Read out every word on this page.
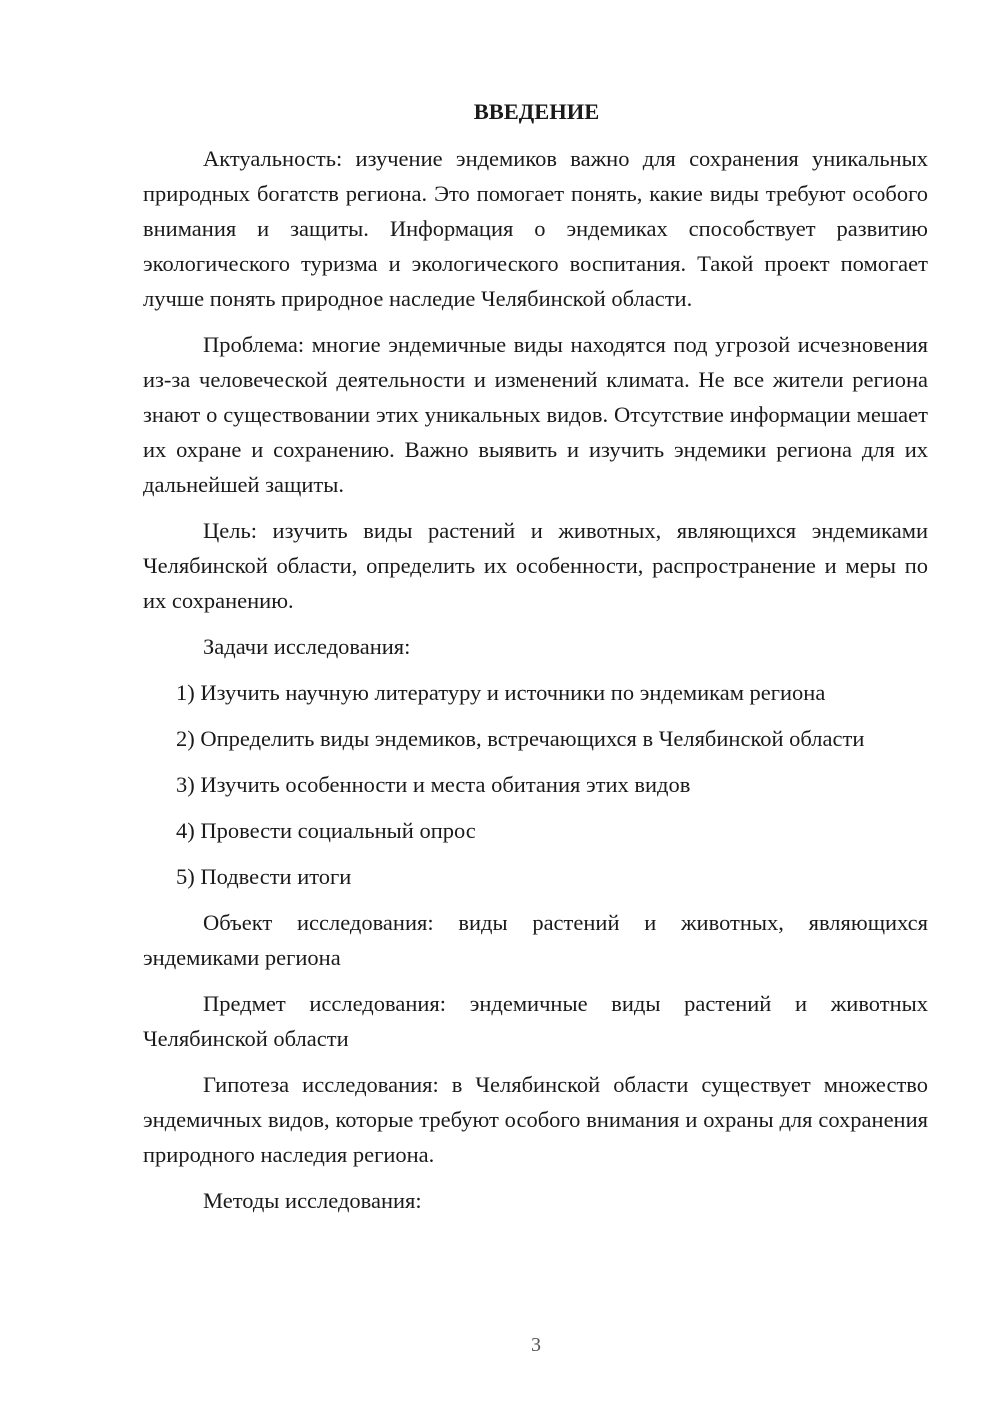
ВВЕДЕНИЕ

Актуальность: изучение эндемиков важно для сохранения уникальных природных богатств региона. Это помогает понять, какие виды требуют особого внимания и защиты. Информация о эндемиках способствует развитию экологического туризма и экологического воспитания. Такой проект помогает лучше понять природное наследие Челябинской области.

Проблема: многие эндемичные виды находятся под угрозой исчезновения из-за человеческой деятельности и изменений климата. Не все жители региона знают о существовании этих уникальных видов. Отсутствие информации мешает их охране и сохранению. Важно выявить и изучить эндемики региона для их дальнейшей защиты.

Цель: изучить виды растений и животных, являющихся эндемиками Челябинской области, определить их особенности, распространение и меры по их сохранению.

Задачи исследования:

1) Изучить научную литературу и источники по эндемикам региона

2) Определить виды эндемиков, встречающихся в Челябинской области

3) Изучить особенности и места обитания этих видов

4) Провести социальный опрос

5) Подвести итоги

Объект исследования: виды растений и животных, являющихся эндемиками региона

Предмет исследования: эндемичные виды растений и животных Челябинской области

Гипотеза исследования: в Челябинской области существует множество эндемичных видов, которые требуют особого внимания и охраны для сохранения природного наследия региона.

Методы исследования:

3
